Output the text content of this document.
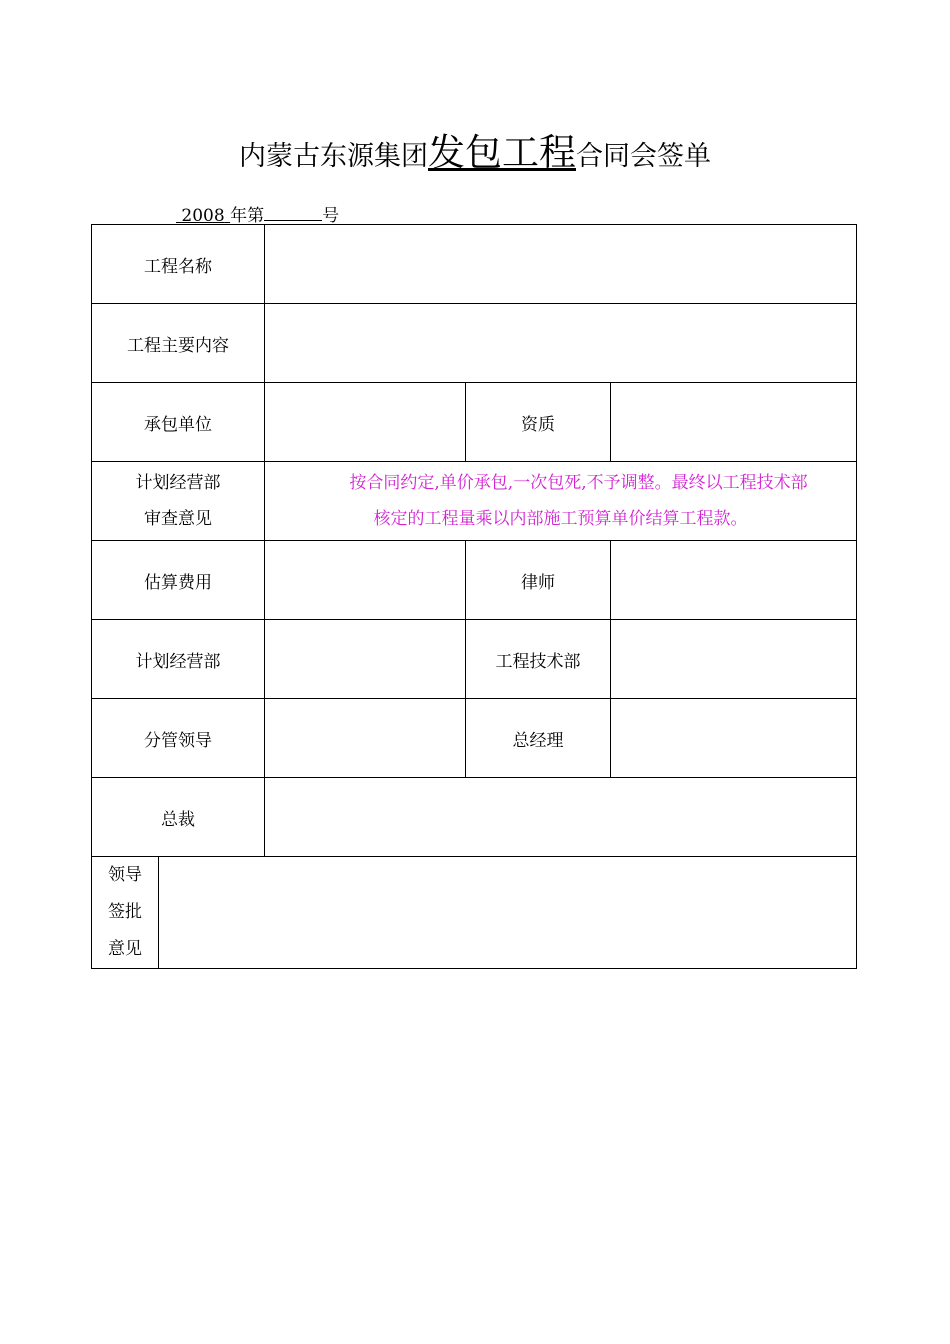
内蒙古东源集团发包工程合同会签单
2008 年第	号
工程名称				
工程主要内容				
承包单位			资质	
计划经营部
审查意见		按合同约定,单价承包,一次包死,不予调整。最终以工程技术部
核定的工程量乘以内部施工预算单价结算工程款。		
估算费用			律师	
计划经营部			工程技术部	
分管领导			总经理	
总裁				
领导
签批
意见				
